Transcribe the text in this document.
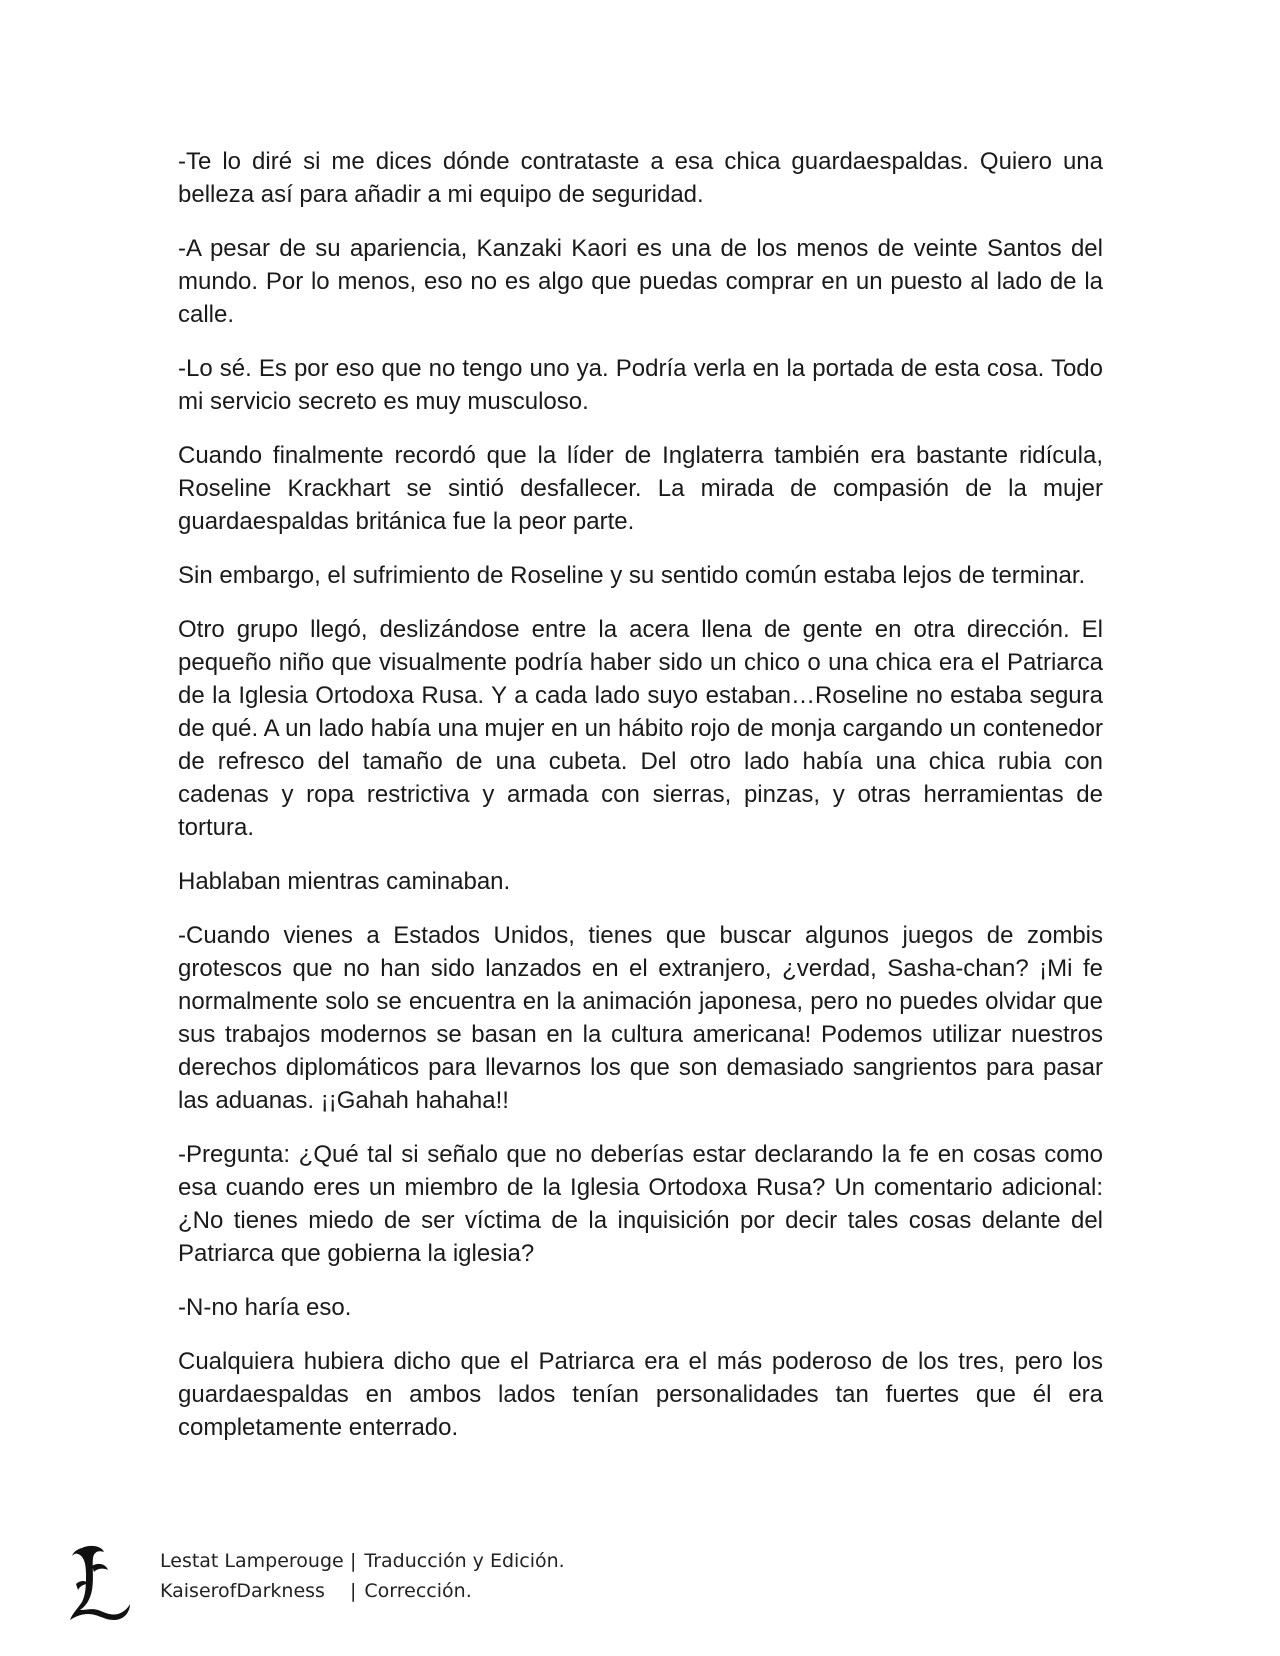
-Te lo diré si me dices dónde contrataste a esa chica guardaespaldas. Quiero una belleza así para añadir a mi equipo de seguridad.

-A pesar de su apariencia, Kanzaki Kaori es una de los menos de veinte Santos del mundo. Por lo menos, eso no es algo que puedas comprar en un puesto al lado de la calle.

-Lo sé. Es por eso que no tengo uno ya. Podría verla en la portada de esta cosa. Todo mi servicio secreto es muy musculoso.

Cuando finalmente recordó que la líder de Inglaterra también era bastante ridícula, Roseline Krackhart se sintió desfallecer. La mirada de compasión de la mujer guardaespaldas británica fue la peor parte.

Sin embargo, el sufrimiento de Roseline y su sentido común estaba lejos de terminar.

Otro grupo llegó, deslizándose entre la acera llena de gente en otra dirección. El pequeño niño que visualmente podría haber sido un chico o una chica era el Patriarca de la Iglesia Ortodoxa Rusa. Y a cada lado suyo estaban…Roseline no estaba segura de qué. A un lado había una mujer en un hábito rojo de monja cargando un contenedor de refresco del tamaño de una cubeta. Del otro lado había una chica rubia con cadenas y ropa restrictiva y armada con sierras, pinzas, y otras herramientas de tortura.

Hablaban mientras caminaban.

-Cuando vienes a Estados Unidos, tienes que buscar algunos juegos de zombis grotescos que no han sido lanzados en el extranjero, ¿verdad, Sasha-chan? ¡Mi fe normalmente solo se encuentra en la animación japonesa, pero no puedes olvidar que sus trabajos modernos se basan en la cultura americana! Podemos utilizar nuestros derechos diplomáticos para llevarnos los que son demasiado sangrientos para pasar las aduanas. ¡¡Gahah hahaha!!

-Pregunta: ¿Qué tal si señalo que no deberías estar declarando la fe en cosas como esa cuando eres un miembro de la Iglesia Ortodoxa Rusa? Un comentario adicional: ¿No tienes miedo de ser víctima de la inquisición por decir tales cosas delante del Patriarca que gobierna la iglesia?

-N-no haría eso.

Cualquiera hubiera dicho que el Patriarca era el más poderoso de los tres, pero los guardaespaldas en ambos lados tenían personalidades tan fuertes que él era completamente enterrado.

Lestat Lamperouge | Traducción y Edición.
KaiserofDarkness	| Corrección.
